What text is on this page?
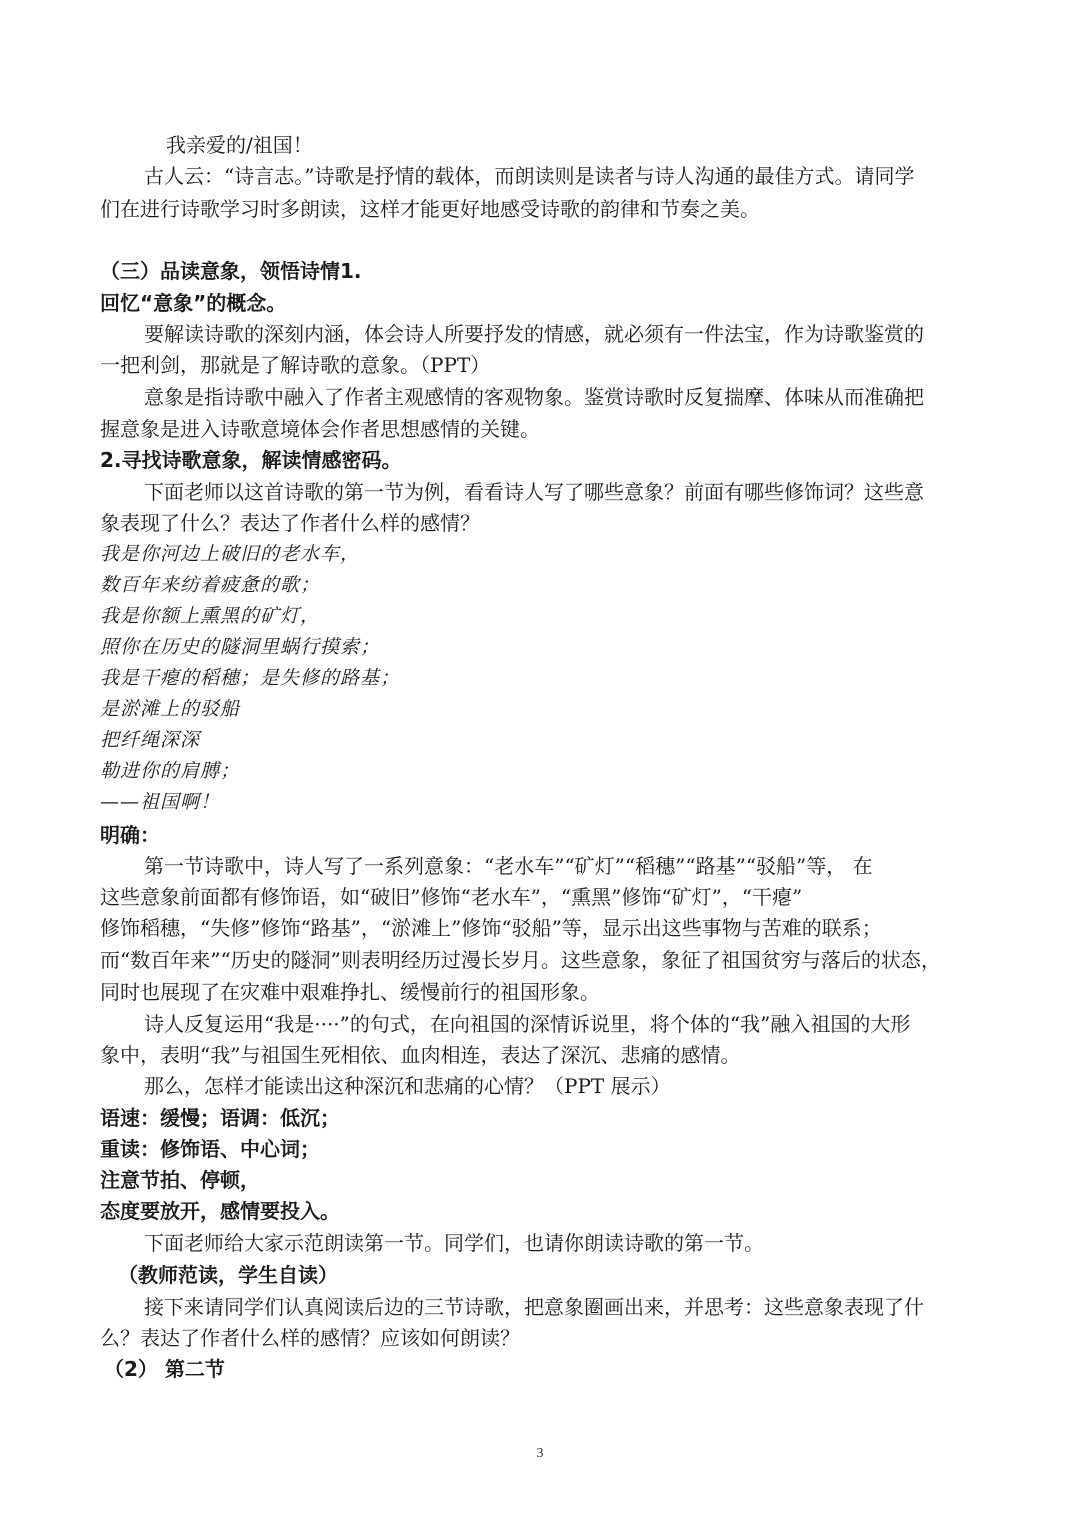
我亲爱的/祖国！
古人云：“诗言志。”诗歌是抒情的载体，而朗读则是读者与诗人沟通的最佳方式。请同学
们在进行诗歌学习时多朗读，这样才能更好地感受诗歌的韵律和节奏之美。
（三）品读意象，领悟诗情1.
回忆“意象”的概念。
要解读诗歌的深刻内涵，体会诗人所要抒发的情感，就必须有一件法宝，作为诗歌鉴赏的
一把利剑，那就是了解诗歌的意象。（PPT）
意象是指诗歌中融入了作者主观感情的客观物象。鉴赏诗歌时反复揣摩、体味从而准确把
握意象是进入诗歌意境体会作者思想感情的关键。
2.寻找诗歌意象，解读情感密码。
下面老师以这首诗歌的第一节为例，看看诗人写了哪些意象？前面有哪些修饰词？这些意
象表现了什么？表达了作者什么样的感情？
我是你河边上破旧的老水车，
数百年来纺着疲惫的歌；
我是你额上熏黑的矿灯，
照你在历史的隧洞里蜗行摸索；
我是干瘪的稻穗；是失修的路基；
是淤滩上的驳船
把纤绳深深
勒进你的肩膊；
——祖国啊！
明确：
第一节诗歌中，诗人写了一系列意象：“老水车”“矿灯”“稻穗”“路基”“驳船”等， 在
这些意象前面都有修饰语，如“破旧”修饰“老水车”，“熏黑”修饰“矿灯”，“干瘪”
修饰稻穗，“失修”修饰“路基”，“淤滩上”修饰“驳船”等，显示出这些事物与苦难的联系；
而“数百年来”“历史的隧洞”则表明经历过漫长岁月。这些意象，象征了祖国贫穷与落后的状态，
同时也展现了在灾难中艰难挣扎、缓慢前行的祖国形象。
诗人反复运用“我是····”的句式，在向祖国的深情诉说里，将个体的“我”融入祖国的大形
象中，表明“我”与祖国生死相依、血肉相连，表达了深沉、悲痛的感情。
那么，怎样才能读出这种深沉和悲痛的心情？（PPT 展示）
语速：缓慢；语调：低沉；
重读：修饰语、中心词；
注意节拍、停顿，
态度要放开，感情要投入。
下面老师给大家示范朗读第一节。同学们，也请你朗读诗歌的第一节。
（教师范读，学生自读）
接下来请同学们认真阅读后边的三节诗歌，把意象圈画出来，并思考：这些意象表现了什
么？表达了作者什么样的感情？应该如何朗读？
（2） 第二节
3
